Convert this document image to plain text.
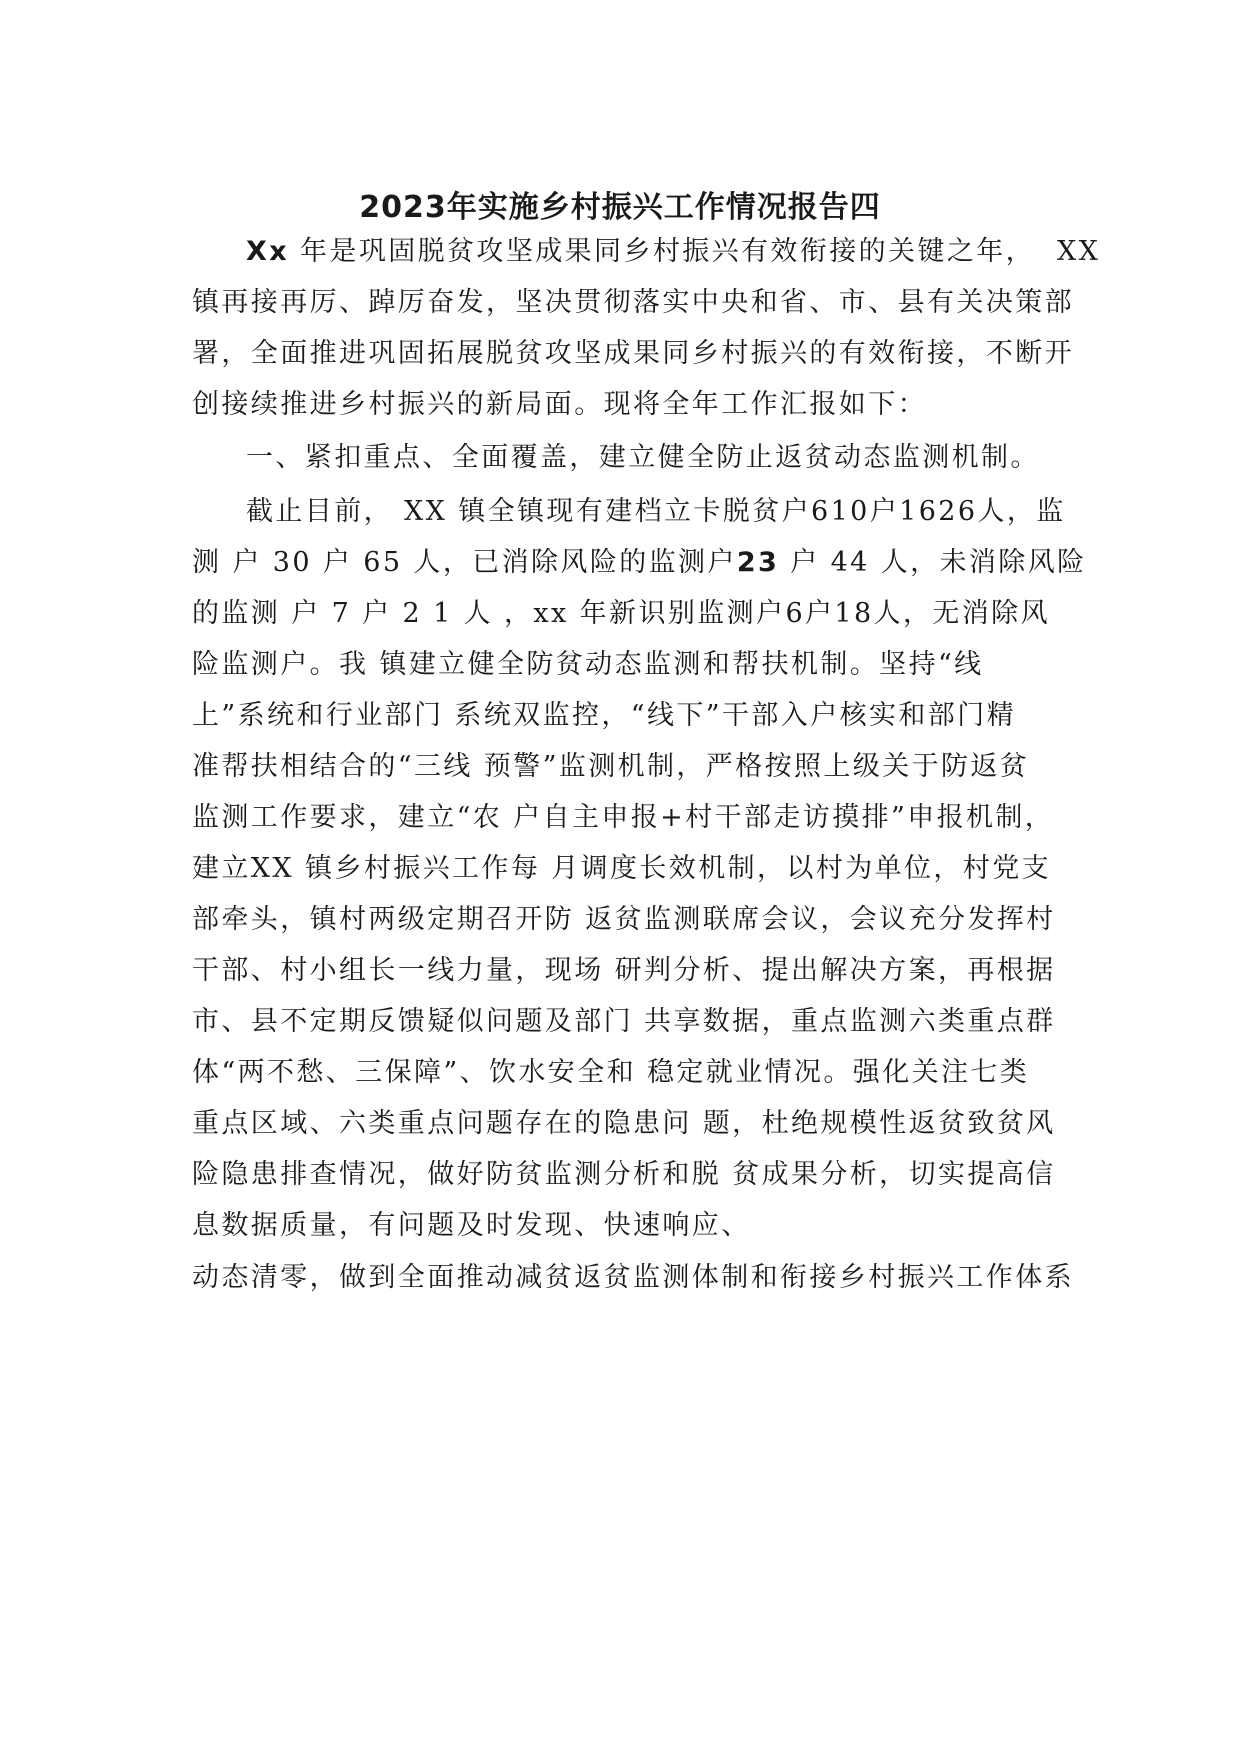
2023年实施乡村振兴工作情况报告四
Xx 年是巩固脱贫攻坚成果同乡村振兴有效衔接的关键之年，  XX
镇再接再厉、踔厉奋发，坚决贯彻落实中央和省、市、县有关决策部
署，全面推进巩固拓展脱贫攻坚成果同乡村振兴的有效衔接，不断开
创接续推进乡村振兴的新局面。现将全年工作汇报如下：
一、紧扣重点、全面覆盖，建立健全防止返贫动态监测机制。
截止目前， XX 镇全镇现有建档立卡脱贫户610户1626人，监
测 户 30 户 65 人，已消除风险的监测户23 户 44 人，未消除风险
的监测 户 7 户 2 1 人 ，xx 年新识别监测户6户18人，无消除风
险监测户。我 镇建立健全防贫动态监测和帮扶机制。坚持“线
上”系统和行业部门 系统双监控，“线下”干部入户核实和部门精
准帮扶相结合的“三线 预警”监测机制，严格按照上级关于防返贫
监测工作要求，建立“农 户自主申报+村干部走访摸排”申报机制，
建立XX 镇乡村振兴工作每 月调度长效机制，以村为单位，村党支
部牵头，镇村两级定期召开防 返贫监测联席会议，会议充分发挥村
干部、村小组长一线力量，现场 研判分析、提出解决方案，再根据
市、县不定期反馈疑似问题及部门 共享数据，重点监测六类重点群
体“两不愁、三保障”、饮水安全和 稳定就业情况。强化关注七类
重点区域、六类重点问题存在的隐患问 题，杜绝规模性返贫致贫风
险隐患排查情况，做好防贫监测分析和脱 贫成果分析，切实提高信
息数据质量，有问题及时发现、快速响应、
动态清零，做到全面推动减贫返贫监测体制和衔接乡村振兴工作体系
